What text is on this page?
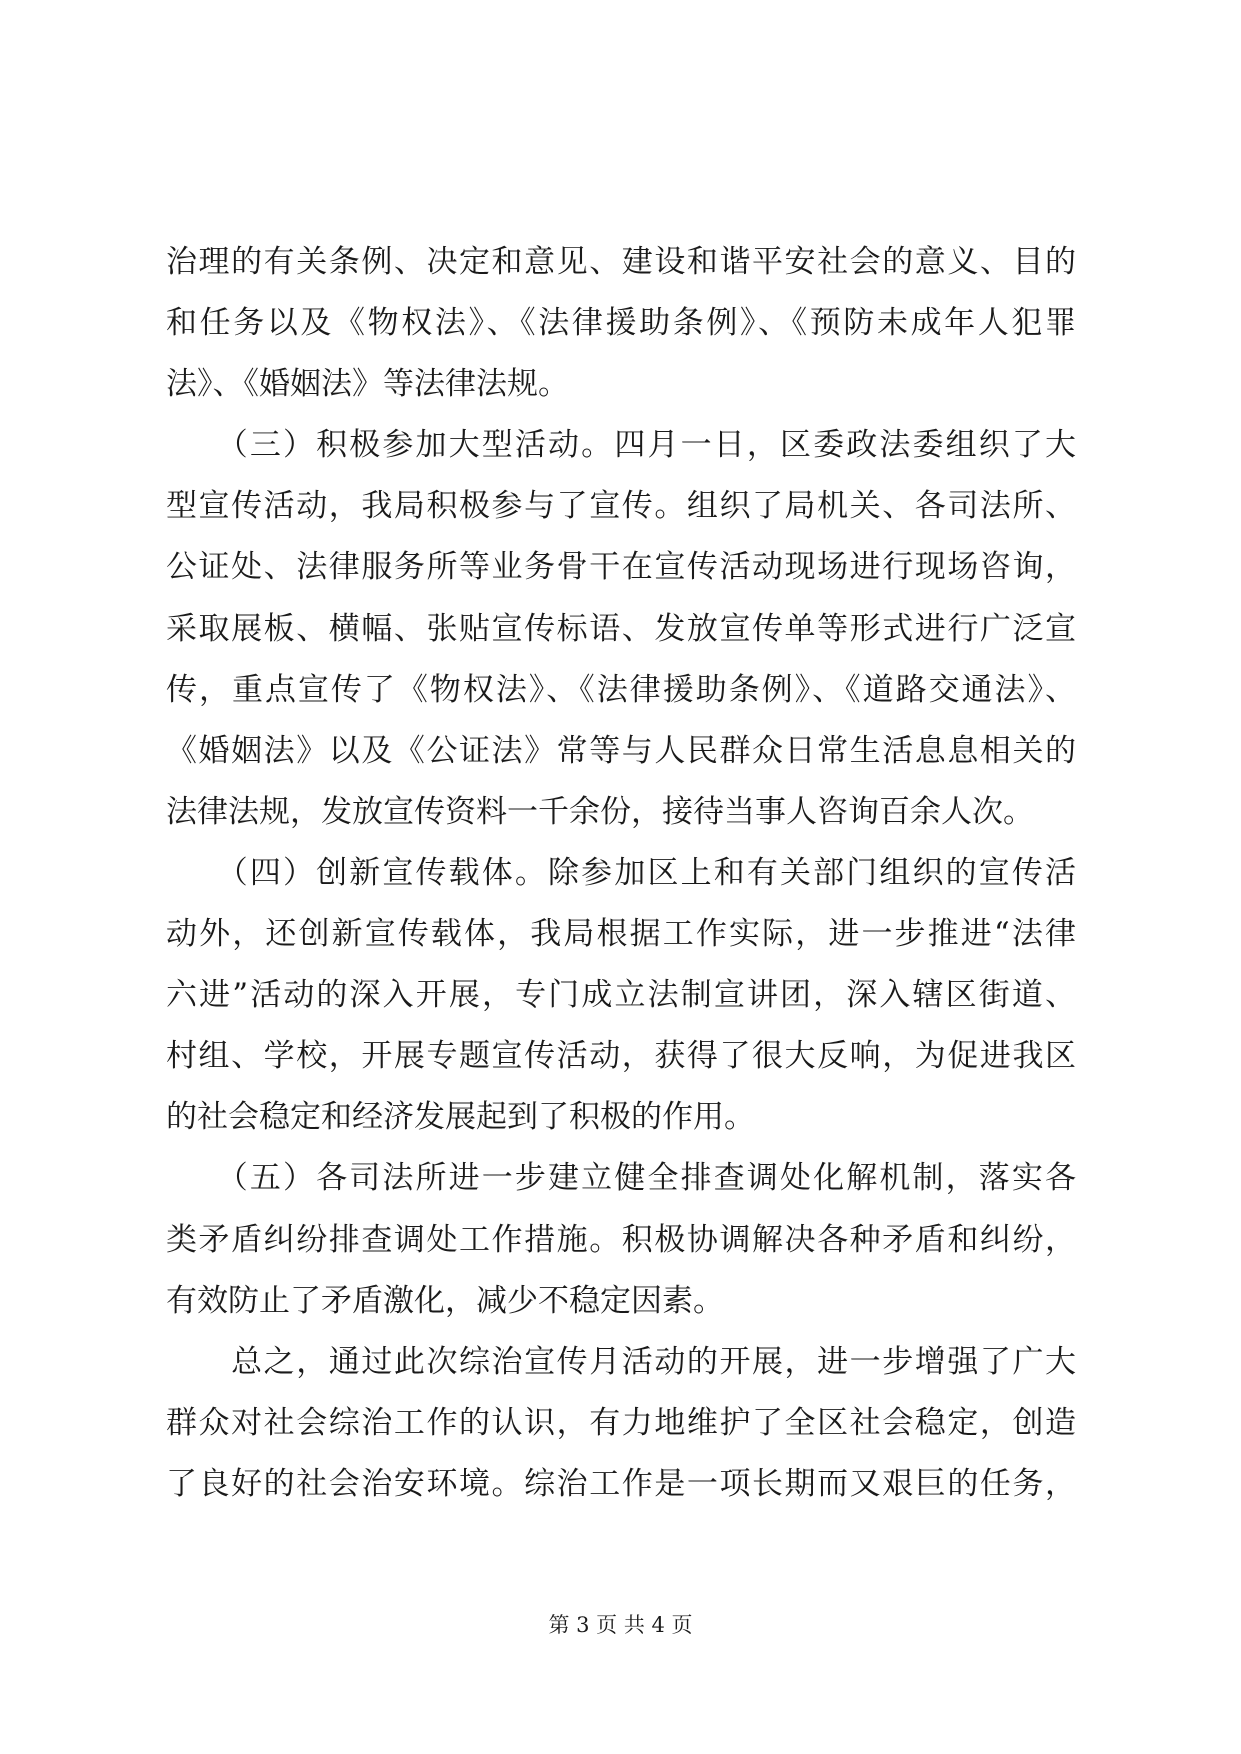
治理的有关条例、决定和意见、建设和谐平安社会的意义、目的
和任务以及《物权法》、《法律援助条例》、《预防未成年人犯罪
法》、《婚姻法》等法律法规。
　　（三）积极参加大型活动。四月一日，区委政法委组织了大
型宣传活动，我局积极参与了宣传。组织了局机关、各司法所、
公证处、法律服务所等业务骨干在宣传活动现场进行现场咨询，
采取展板、横幅、张贴宣传标语、发放宣传单等形式进行广泛宣
传，重点宣传了《物权法》、《法律援助条例》、《道路交通法》、
《婚姻法》以及《公证法》常等与人民群众日常生活息息相关的
法律法规，发放宣传资料一千余份，接待当事人咨询百余人次。
　　（四）创新宣传载体。除参加区上和有关部门组织的宣传活
动外，还创新宣传载体，我局根据工作实际，进一步推进“法律
六进”活动的深入开展，专门成立法制宣讲团，深入辖区街道、
村组、学校，开展专题宣传活动，获得了很大反响，为促进我区
的社会稳定和经济发展起到了积极的作用。
　　（五）各司法所进一步建立健全排查调处化解机制，落实各
类矛盾纠纷排查调处工作措施。积极协调解决各种矛盾和纠纷，
有效防止了矛盾激化，减少不稳定因素。
　　总之，通过此次综治宣传月活动的开展，进一步增强了广大
群众对社会综治工作的认识，有力地维护了全区社会稳定，创造
了良好的社会治安环境。综治工作是一项长期而又艰巨的任务，
第 3 页 共 4 页
